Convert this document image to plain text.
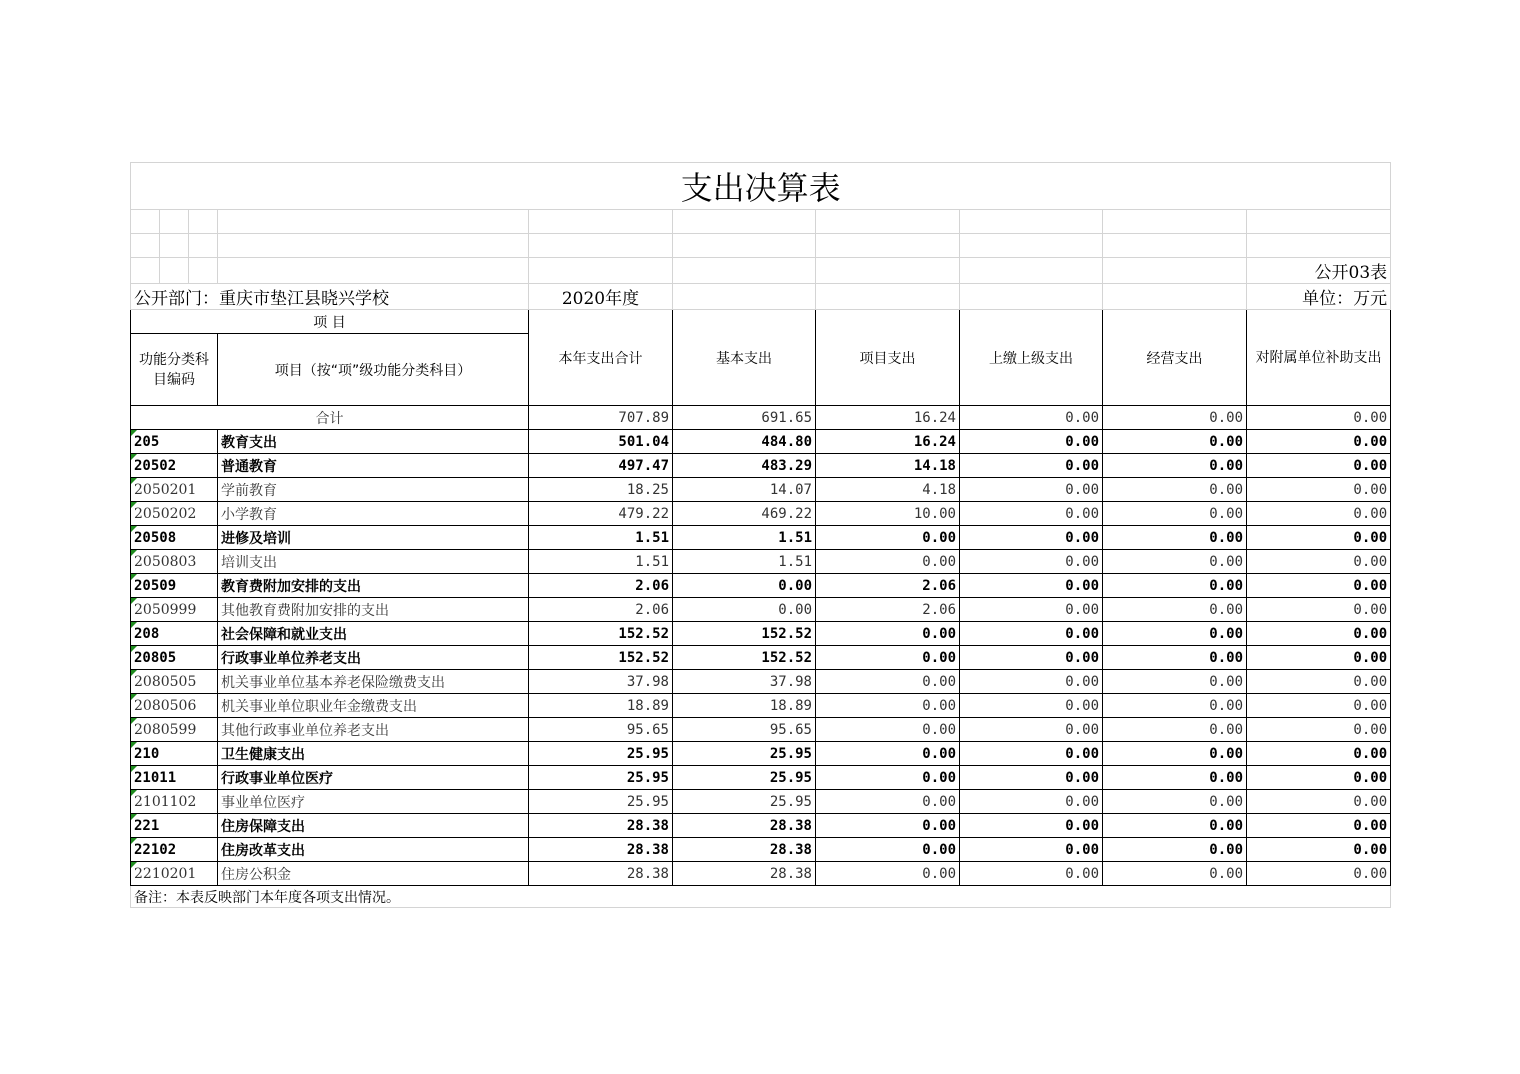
支出决算表									

									公开03表
公开部门：重庆市垫江县晓兴学校				2020年度					单位：万元
项 目				本年支出合计	基本支出	项目支出	上缴上级支出	经营支出	对附属单位补助支出
功能分类科目编码			项目（按“项”级功能分类科目）						
合计				707.89	691.65	16.24	0.00	0.00	0.00

205			教育支出	501.04	484.80	16.24	0.00	0.00	0.00

20502			普通教育	497.47	483.29	14.18	0.00	0.00	0.00

2050201			学前教育	18.25	14.07	4.18	0.00	0.00	0.00

2050202			小学教育	479.22	469.22	10.00	0.00	0.00	0.00

20508			进修及培训	1.51	1.51	0.00	0.00	0.00	0.00

2050803			培训支出	1.51	1.51	0.00	0.00	0.00	0.00

20509			教育费附加安排的支出	2.06	0.00	2.06	0.00	0.00	0.00

2050999			其他教育费附加安排的支出	2.06	0.00	2.06	0.00	0.00	0.00

208			社会保障和就业支出	152.52	152.52	0.00	0.00	0.00	0.00

20805			行政事业单位养老支出	152.52	152.52	0.00	0.00	0.00	0.00

2080505			机关事业单位基本养老保险缴费支出	37.98	37.98	0.00	0.00	0.00	0.00

2080506			机关事业单位职业年金缴费支出	18.89	18.89	0.00	0.00	0.00	0.00

2080599			其他行政事业单位养老支出	95.65	95.65	0.00	0.00	0.00	0.00

210			卫生健康支出	25.95	25.95	0.00	0.00	0.00	0.00

21011			行政事业单位医疗	25.95	25.95	0.00	0.00	0.00	0.00

2101102			事业单位医疗	25.95	25.95	0.00	0.00	0.00	0.00

221			住房保障支出	28.38	28.38	0.00	0.00	0.00	0.00

22102			住房改革支出	28.38	28.38	0.00	0.00	0.00	0.00

2210201			住房公积金	28.38	28.38	0.00	0.00	0.00	0.00
备注：本表反映部门本年度各项支出情况。									
